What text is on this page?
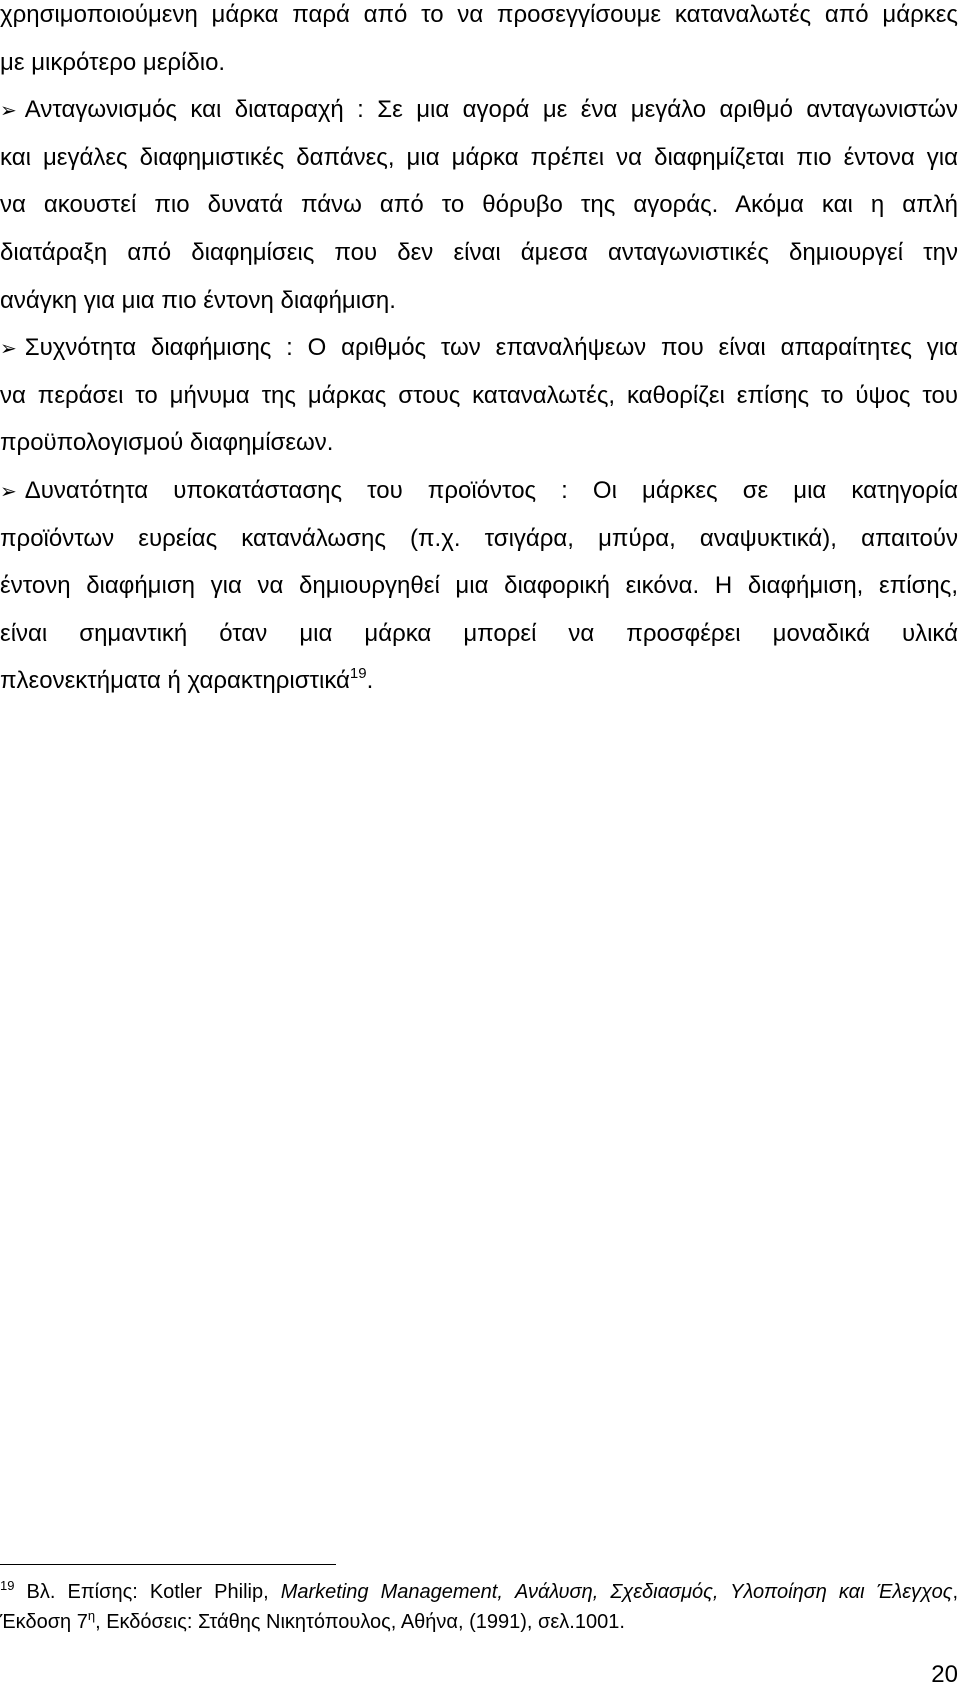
χρησιμοποιούμενη μάρκα παρά από το να προσεγγίσουμε καταναλωτές από μάρκες
με μικρότερο μερίδιο.
➢ Ανταγωνισμός και διαταραχή : Σε μια αγορά με ένα μεγάλο αριθμό ανταγωνιστών
και μεγάλες διαφημιστικές δαπάνες, μια μάρκα πρέπει να διαφημίζεται πιο έντονα για
να ακουστεί πιο δυνατά πάνω από το θόρυβο της αγοράς. Ακόμα και η απλή
διατάραξη από διαφημίσεις που δεν είναι άμεσα ανταγωνιστικές δημιουργεί την
ανάγκη για μια πιο έντονη διαφήμιση.
➢ Συχνότητα διαφήμισης : Ο αριθμός των επαναλήψεων που είναι απαραίτητες για
να περάσει το μήνυμα της μάρκας στους καταναλωτές, καθορίζει επίσης το ύψος του
προϋπολογισμού διαφημίσεων.
➢ Δυνατότητα υποκατάστασης του προϊόντος : Οι μάρκες σε μια κατηγορία
προϊόντων ευρείας κατανάλωσης (π.χ. τσιγάρα, μπύρα, αναψυκτικά), απαιτούν
έντονη διαφήμιση για να δημιουργηθεί μια διαφορική εικόνα. Η διαφήμιση, επίσης,
είναι σημαντική όταν μια μάρκα μπορεί να προσφέρει μοναδικά υλικά
πλεονεκτήματα ή χαρακτηριστικά$^{19}$.
$^{19}$ Βλ. Επίσης: Kotler Philip, Marketing Management, Ανάλυση, Σχεδιασμός, Υλοποίηση και Έλεγχος,
Έκδοση $7^\eta$, Εκδόσεις: Στάθης Νικητόπουλος, Αθήνα, (1991), σελ.1001.
20
